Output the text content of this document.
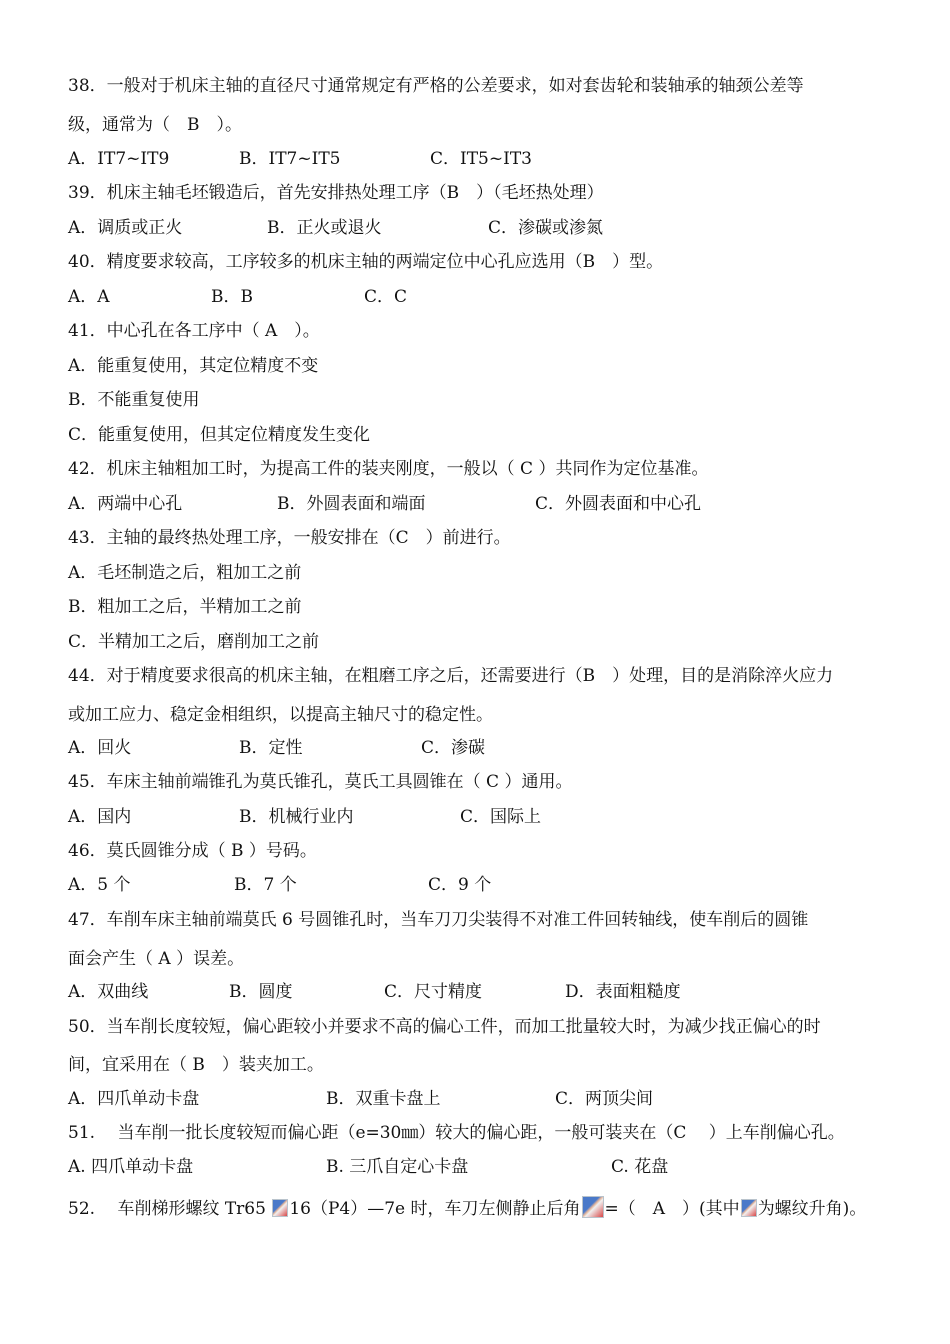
38．一般对于机床主轴的直径尺寸通常规定有严格的公差要求，如对套齿轮和装轴承的轴颈公差等
级，通常为（　B　）。
A．IT7~IT9	B．IT7~IT5	C．IT5~IT3
39．机床主轴毛坯锻造后，首先安排热处理工序（B　）（毛坯热处理）
A．调质或正火	B．正火或退火	C．渗碳或渗氮
40．精度要求较高，工序较多的机床主轴的两端定位中心孔应选用（B　）型。
A．A	B．B	C．C
41．中心孔在各工序中（ A　）。
A．能重复使用，其定位精度不变
B．不能重复使用
C．能重复使用，但其定位精度发生变化
42．机床主轴粗加工时，为提高工件的装夹刚度，一般以（ C ）共同作为定位基准。
A．两端中心孔	B．外圆表面和端面	C．外圆表面和中心孔
43．主轴的最终热处理工序，一般安排在（C　）前进行。
A．毛坯制造之后，粗加工之前
B．粗加工之后，半精加工之前
C．半精加工之后，磨削加工之前
44．对于精度要求很高的机床主轴，在粗磨工序之后，还需要进行（B　）处理，目的是消除淬火应力
或加工应力、稳定金相组织，以提高主轴尺寸的稳定性。
A．回火	B．定性	C．渗碳
45．车床主轴前端锥孔为莫氏锥孔，莫氏工具圆锥在（ C ）通用。
A．国内	B．机械行业内	C．国际上
46．莫氏圆锥分成（ B ）号码。
A．5 个	B．7 个	C．9 个
47．车削车床主轴前端莫氏 6 号圆锥孔时，当车刀刀尖装得不对准工件回转轴线，使车削后的圆锥
面会产生（ A ）误差。
A．双曲线	B．圆度	C．尺寸精度	D．表面粗糙度
50．当车削长度较短，偏心距较小并要求不高的偏心工件，而加工批量较大时，为减少找正偏心的时
间，宜采用在（ B　）装夹加工。
A．四爪单动卡盘	B．双重卡盘上	C．两顶尖间
51.　 当车削一批长度较短而偏心距（e=30㎜）较大的偏心距，一般可装夹在（C　 ）上车削偏心孔。
A. 四爪单动卡盘	B. 三爪自定心卡盘	C. 花盘
52.　 车削梯形螺纹 Tr65 16（P4）—7e 时，车刀左侧静止后角 =（　A　）(其中 为螺纹升角)。
